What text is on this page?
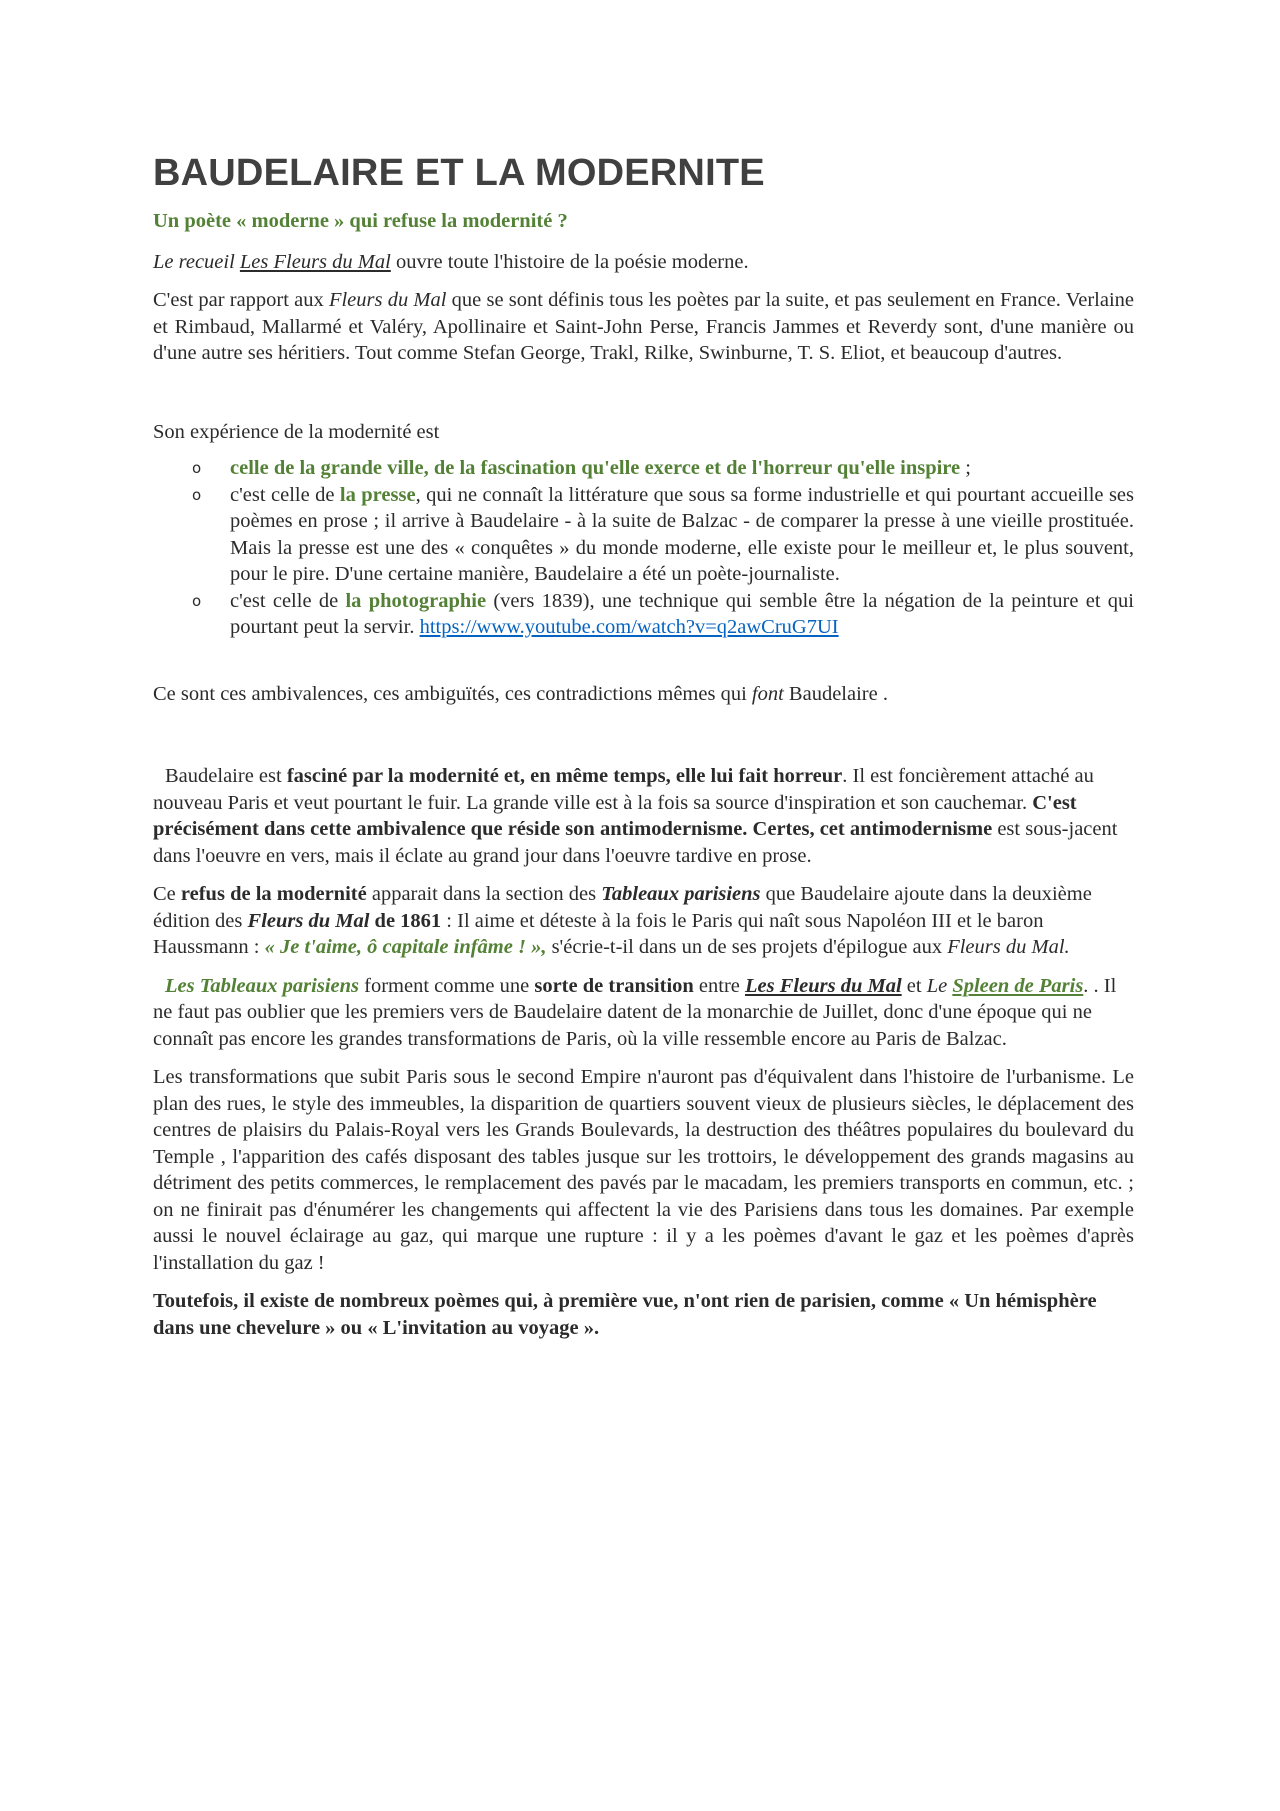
BAUDELAIRE ET LA MODERNITE

Un poète « moderne » qui refuse la modernité ?

Le recueil Les Fleurs du Mal ouvre toute l'histoire de la poésie moderne.

C'est par rapport aux Fleurs du Mal que se sont définis tous les poètes par la suite, et pas seulement en France. Verlaine et Rimbaud, Mallarmé et Valéry, Apollinaire et Saint-John Perse, Francis Jammes et Reverdy sont, d'une manière ou d'une autre ses héritiers. Tout comme Stefan George, Trakl, Rilke, Swinburne, T. S. Eliot, et beaucoup d'autres.

Son expérience de la modernité est

o celle de la grande ville, de la fascination qu'elle exerce et de l'horreur qu'elle inspire ;
o c'est celle de la presse, qui ne connaît la littérature que sous sa forme industrielle et qui pourtant accueille ses poèmes en prose ; il arrive à Baudelaire - à la suite de Balzac - de comparer la presse à une vieille prostituée. Mais la presse est une des « conquêtes » du monde moderne, elle existe pour le meilleur et, le plus souvent, pour le pire. D'une certaine manière, Baudelaire a été un poète-journaliste.
o c'est celle de la photographie (vers 1839), une technique qui semble être la négation de la peinture et qui pourtant peut la servir. https://www.youtube.com/watch?v=q2awCruG7UI

Ce sont ces ambivalences, ces ambiguïtés, ces contradictions mêmes qui font Baudelaire .

Baudelaire est fasciné par la modernité et, en même temps, elle lui fait horreur. Il est foncièrement attaché au nouveau Paris et veut pourtant le fuir. La grande ville est à la fois sa source d'inspiration et son cauchemar. C'est précisément dans cette ambivalence que réside son antimodernisme. Certes, cet antimodernisme est sous-jacent dans l'oeuvre en vers, mais il éclate au grand jour dans l'oeuvre tardive en prose.

Ce refus de la modernité apparait dans la section des Tableaux parisiens que Baudelaire ajoute dans la deuxième édition des Fleurs du Mal de 1861 : Il aime et déteste à la fois le Paris qui naît sous Napoléon III et le baron Haussmann : « Je t'aime, ô capitale infâme ! », s'écrie-t-il dans un de ses projets d'épilogue aux Fleurs du Mal.

Les Tableaux parisiens forment comme une sorte de transition entre Les Fleurs du Mal et Le Spleen de Paris. . Il ne faut pas oublier que les premiers vers de Baudelaire datent de la monarchie de Juillet, donc d'une époque qui ne connaît pas encore les grandes transformations de Paris, où la ville ressemble encore au Paris de Balzac.

Les transformations que subit Paris sous le second Empire n'auront pas d'équivalent dans l'histoire de l'urbanisme. Le plan des rues, le style des immeubles, la disparition de quartiers souvent vieux de plusieurs siècles, le déplacement des centres de plaisirs du Palais-Royal vers les Grands Boulevards, la destruction des théâtres populaires du boulevard du Temple , l'apparition des cafés disposant des tables jusque sur les trottoirs, le développement des grands magasins au détriment des petits commerces, le remplacement des pavés par le macadam, les premiers transports en commun, etc. ; on ne finirait pas d'énumérer les changements qui affectent la vie des Parisiens dans tous les domaines. Par exemple aussi le nouvel éclairage au gaz, qui marque une rupture : il y a les poèmes d'avant le gaz et les poèmes d'après l'installation du gaz !

Toutefois, il existe de nombreux poèmes qui, à première vue, n'ont rien de parisien, comme « Un hémisphère dans une chevelure » ou « L'invitation au voyage ».
